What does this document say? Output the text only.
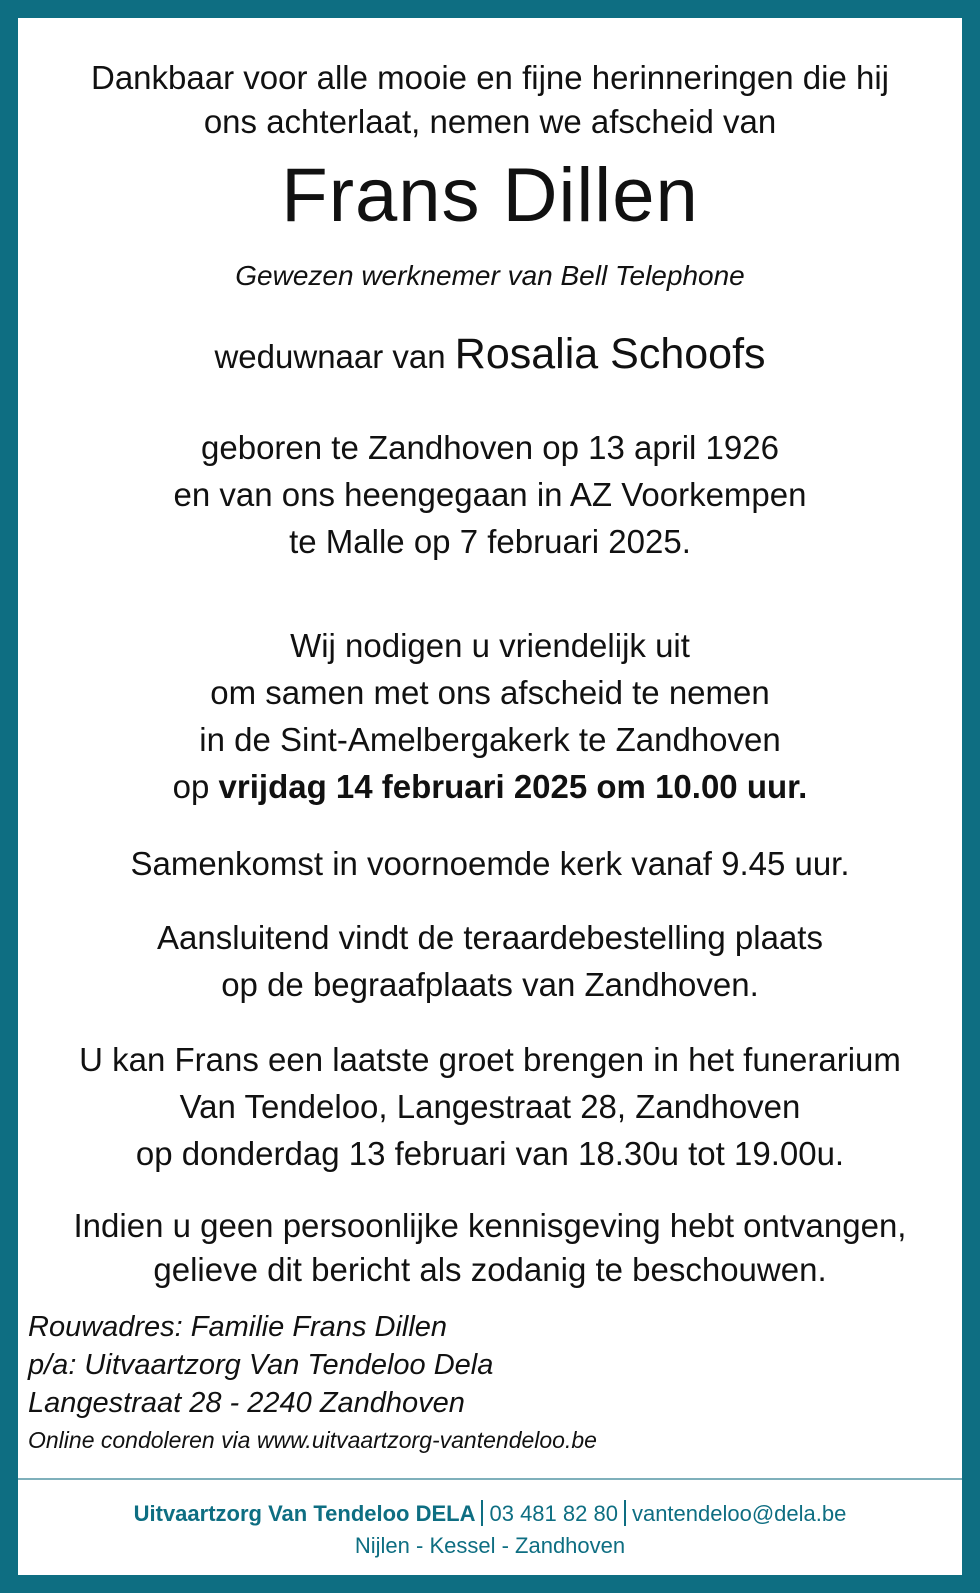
Dankbaar voor alle mooie en fijne herinneringen die hij
ons achterlaat, nemen we afscheid van
Frans Dillen
Gewezen werknemer van Bell Telephone
weduwnaar van Rosalia Schoofs
geboren te Zandhoven op 13 april 1926
en van ons heengegaan in AZ Voorkempen
te Malle op 7 februari 2025.
Wij nodigen u vriendelijk uit
om samen met ons afscheid te nemen
in de Sint-Amelbergakerk te Zandhoven
op vrijdag 14 februari 2025 om 10.00 uur.
Samenkomst in voornoemde kerk vanaf 9.45 uur.
Aansluitend vindt de teraardebestelling plaats
op de begraafplaats van Zandhoven.
U kan Frans een laatste groet brengen in het funerarium
Van Tendeloo, Langestraat 28, Zandhoven
op donderdag 13 februari van 18.30u tot 19.00u.
Indien u geen persoonlijke kennisgeving hebt ontvangen,
gelieve dit bericht als zodanig te beschouwen.
Rouwadres: Familie Frans Dillen
p/a: Uitvaartzorg Van Tendeloo Dela
Langestraat 28 - 2240 Zandhoven
Online condoleren via www.uitvaartzorg-vantendeloo.be
Uitvaartzorg Van Tendeloo DELA 03 481 82 80 vantendeloo@dela.be
Nijlen - Kessel - Zandhoven
